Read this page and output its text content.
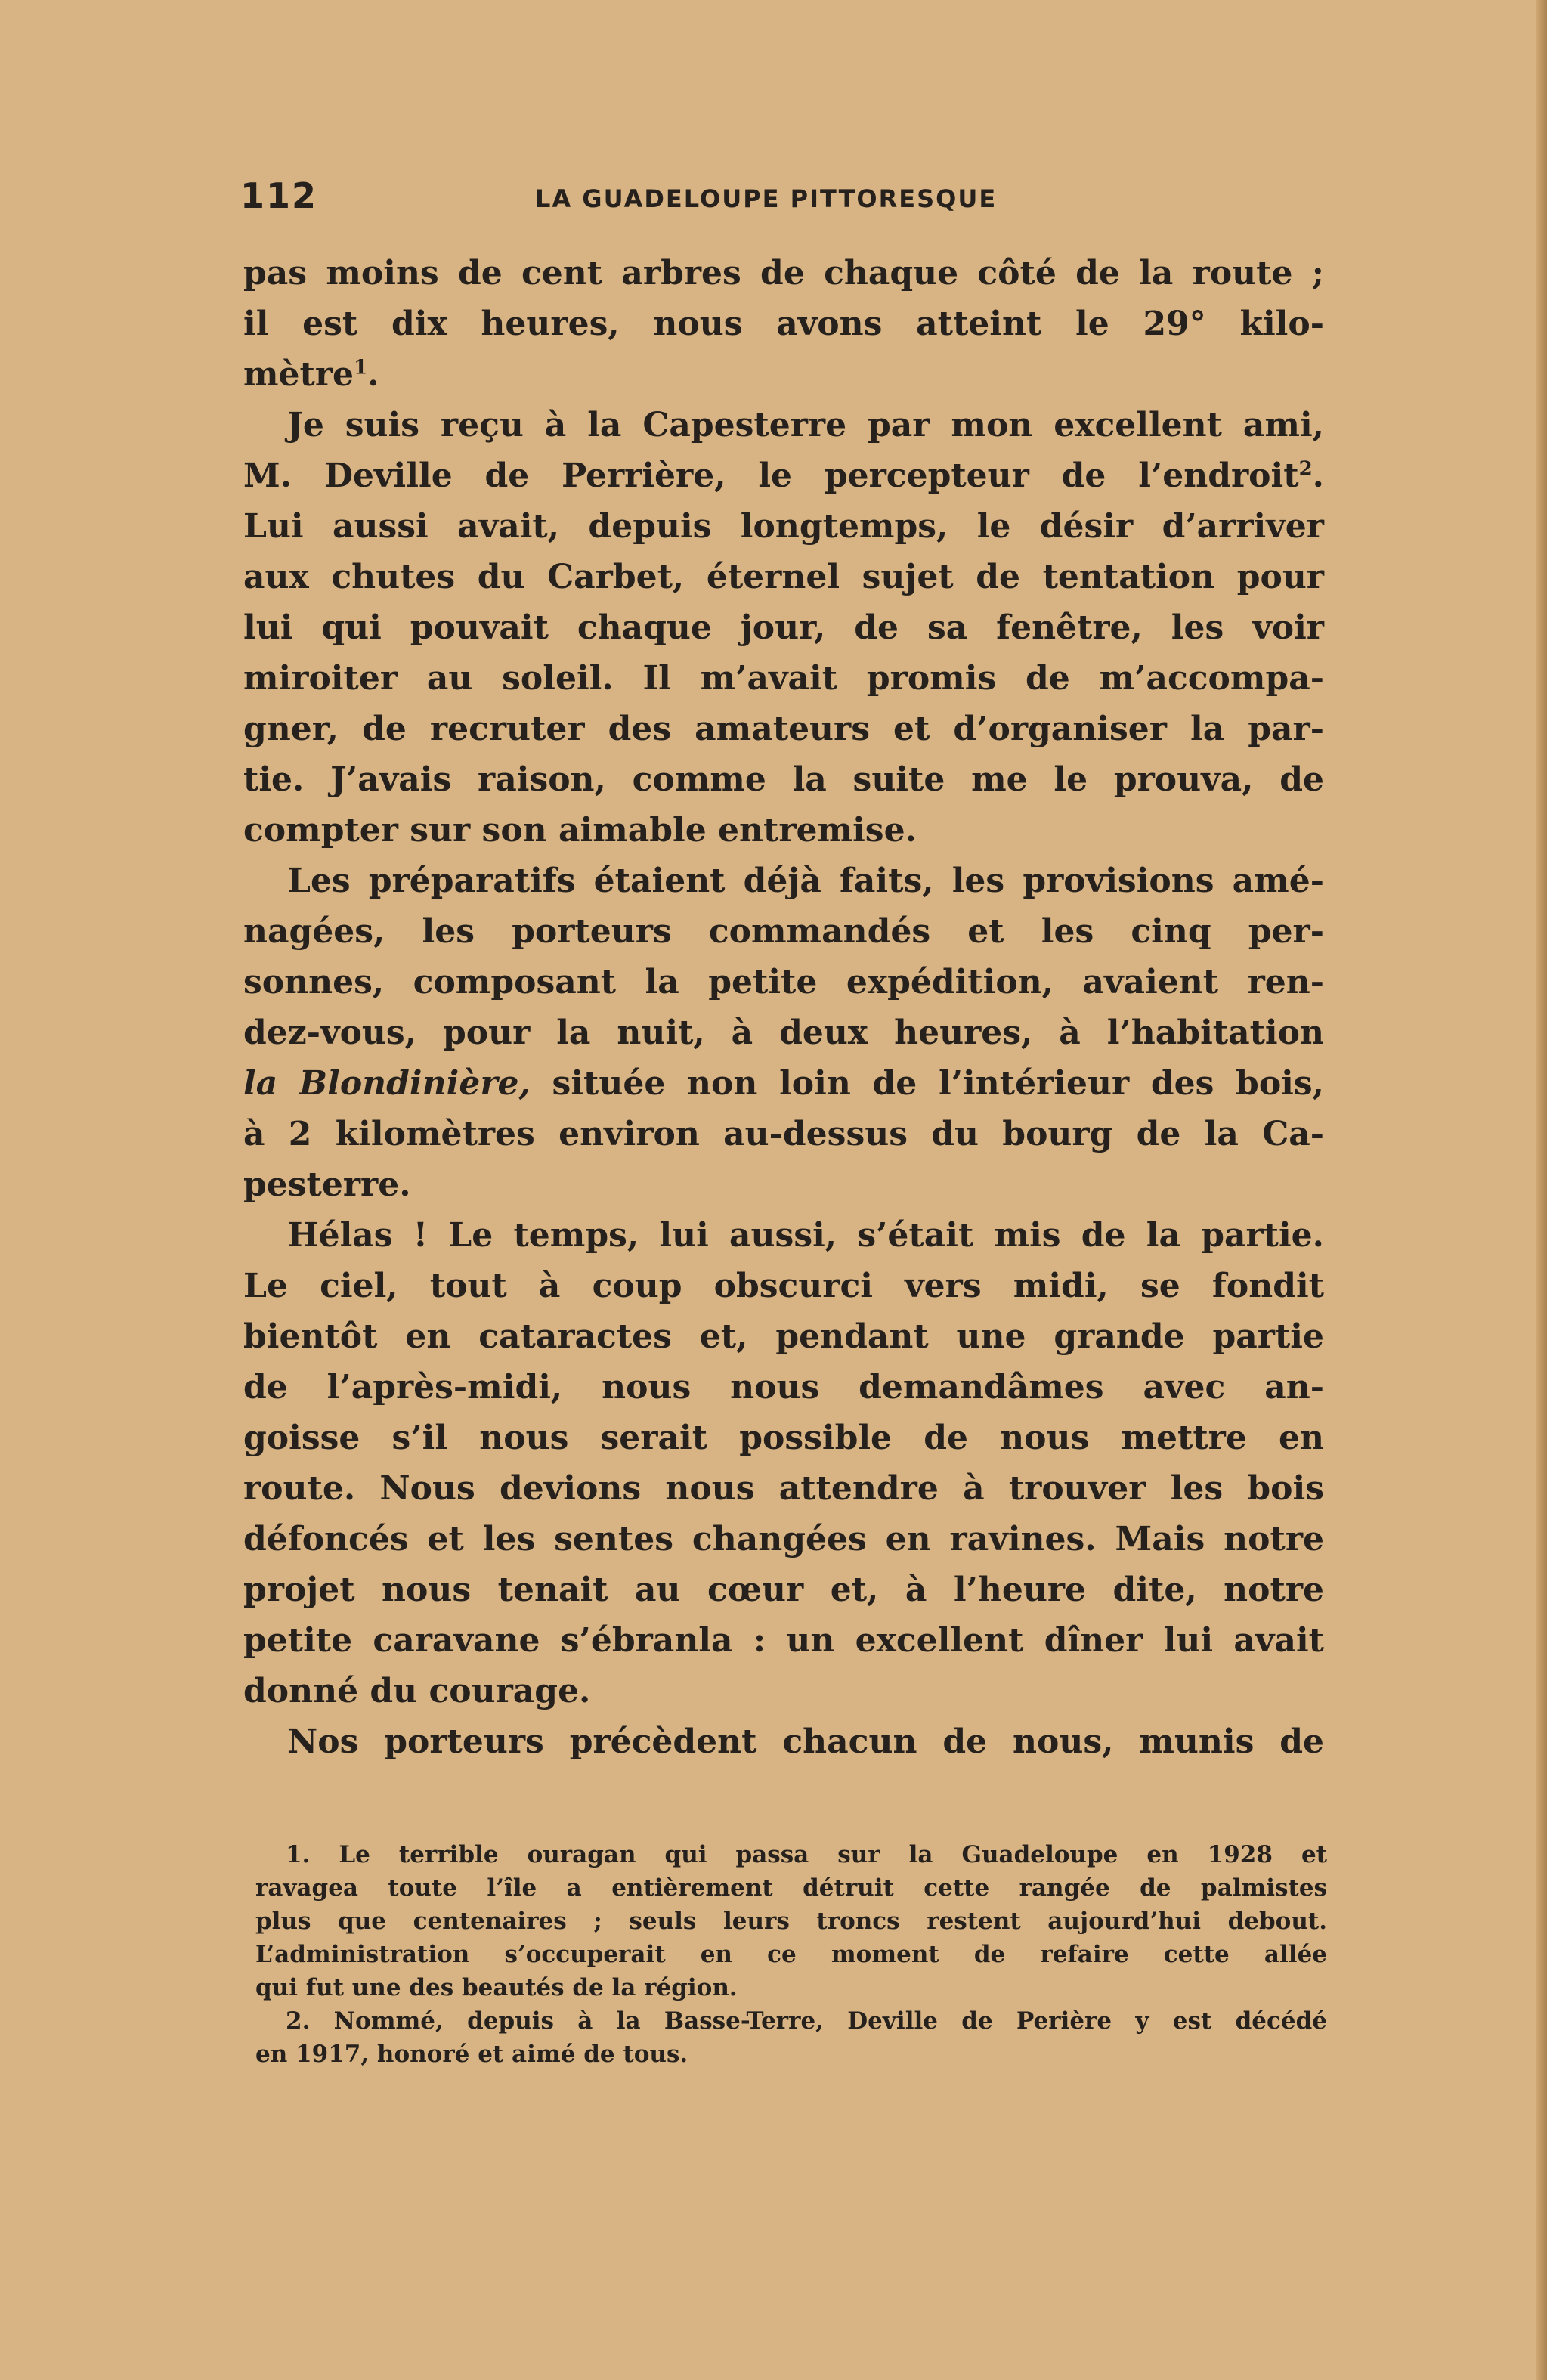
112	LA GUADELOUPE PITTORESQUE
pas moins de cent arbres de chaque côté de la route ;
il est dix heures, nous avons atteint le 29° kilo-
mètre$^1$.
Je suis reçu à la Capesterre par mon excellent ami,
M. Deville de Perrière, le percepteur de l’endroit$^2$.
Lui aussi avait, depuis longtemps, le désir d’arriver
aux chutes du Carbet, éternel sujet de tentation pour
lui qui pouvait chaque jour, de sa fenêtre, les voir
miroiter au soleil. Il m’avait promis de m’accompa-
gner, de recruter des amateurs et d’organiser la par-
tie. J’avais raison, comme la suite me le prouva, de
compter sur son aimable entremise.
Les préparatifs étaient déjà faits, les provisions amé-
nagées, les porteurs commandés et les cinq per-
sonnes, composant la petite expédition, avaient ren-
dez-vous, pour la nuit, à deux heures, à l’habitation
la Blondinière, située non loin de l’intérieur des bois,
à 2 kilomètres environ au-dessus du bourg de la Ca-
pesterre.
Hélas ! Le temps, lui aussi, s’était mis de la partie.
Le ciel, tout à coup obscurci vers midi, se fondit
bientôt en cataractes et, pendant une grande partie
de l’après-midi, nous nous demandâmes avec an-
goisse s’il nous serait possible de nous mettre en
route. Nous devions nous attendre à trouver les bois
défoncés et les sentes changées en ravines. Mais notre
projet nous tenait au cœur et, à l’heure dite, notre
petite caravane s’ébranla : un excellent dîner lui avait
donné du courage.
Nos porteurs précèdent chacun de nous, munis de
1. Le terrible ouragan qui passa sur la Guadeloupe en 1928 et
ravagea toute l’île a entièrement détruit cette rangée de palmistes
plus que centenaires ; seuls leurs troncs restent aujourd’hui debout.
L’administration s’occuperait en ce moment de refaire cette allée
qui fut une des beautés de la région.
2. Nommé, depuis à la Basse-Terre, Deville de Perière y est décédé
en 1917, honoré et aimé de tous.
